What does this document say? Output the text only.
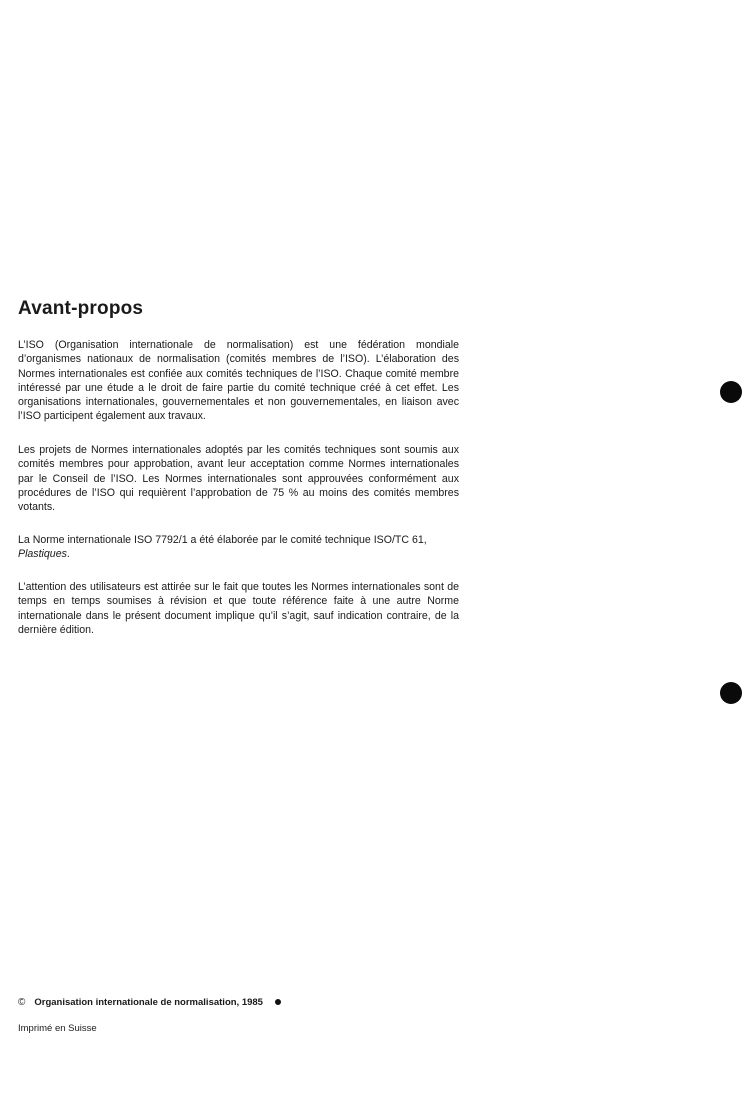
Avant-propos

L’ISO (Organisation internationale de normalisation) est une fédération mondiale d’organismes nationaux de normalisation (comités membres de l’ISO). L’élaboration des Normes internationales est confiée aux comités techniques de l’ISO. Chaque comité membre intéressé par une étude a le droit de faire partie du comité technique créé à cet effet. Les organisations internationales, gouvernementales et non gouvernementales, en liaison avec l’ISO participent également aux travaux.

Les projets de Normes internationales adoptés par les comités techniques sont soumis aux comités membres pour approbation, avant leur acceptation comme Normes internationales par le Conseil de l’ISO. Les Normes internationales sont approuvées conformément aux procédures de l’ISO qui requièrent l’approbation de 75 % au moins des comités membres votants.

La Norme internationale ISO 7792/1 a été élaborée par le comité technique ISO/TC 61,
Plastiques.

L’attention des utilisateurs est attirée sur le fait que toutes les Normes internationales sont de temps en temps soumises à révision et que toute référence faite à une autre Norme internationale dans le présent document implique qu’il s’agit, sauf indication contraire, de la dernière édition.

© Organisation internationale de normalisation, 1985
Imprimé en Suisse
